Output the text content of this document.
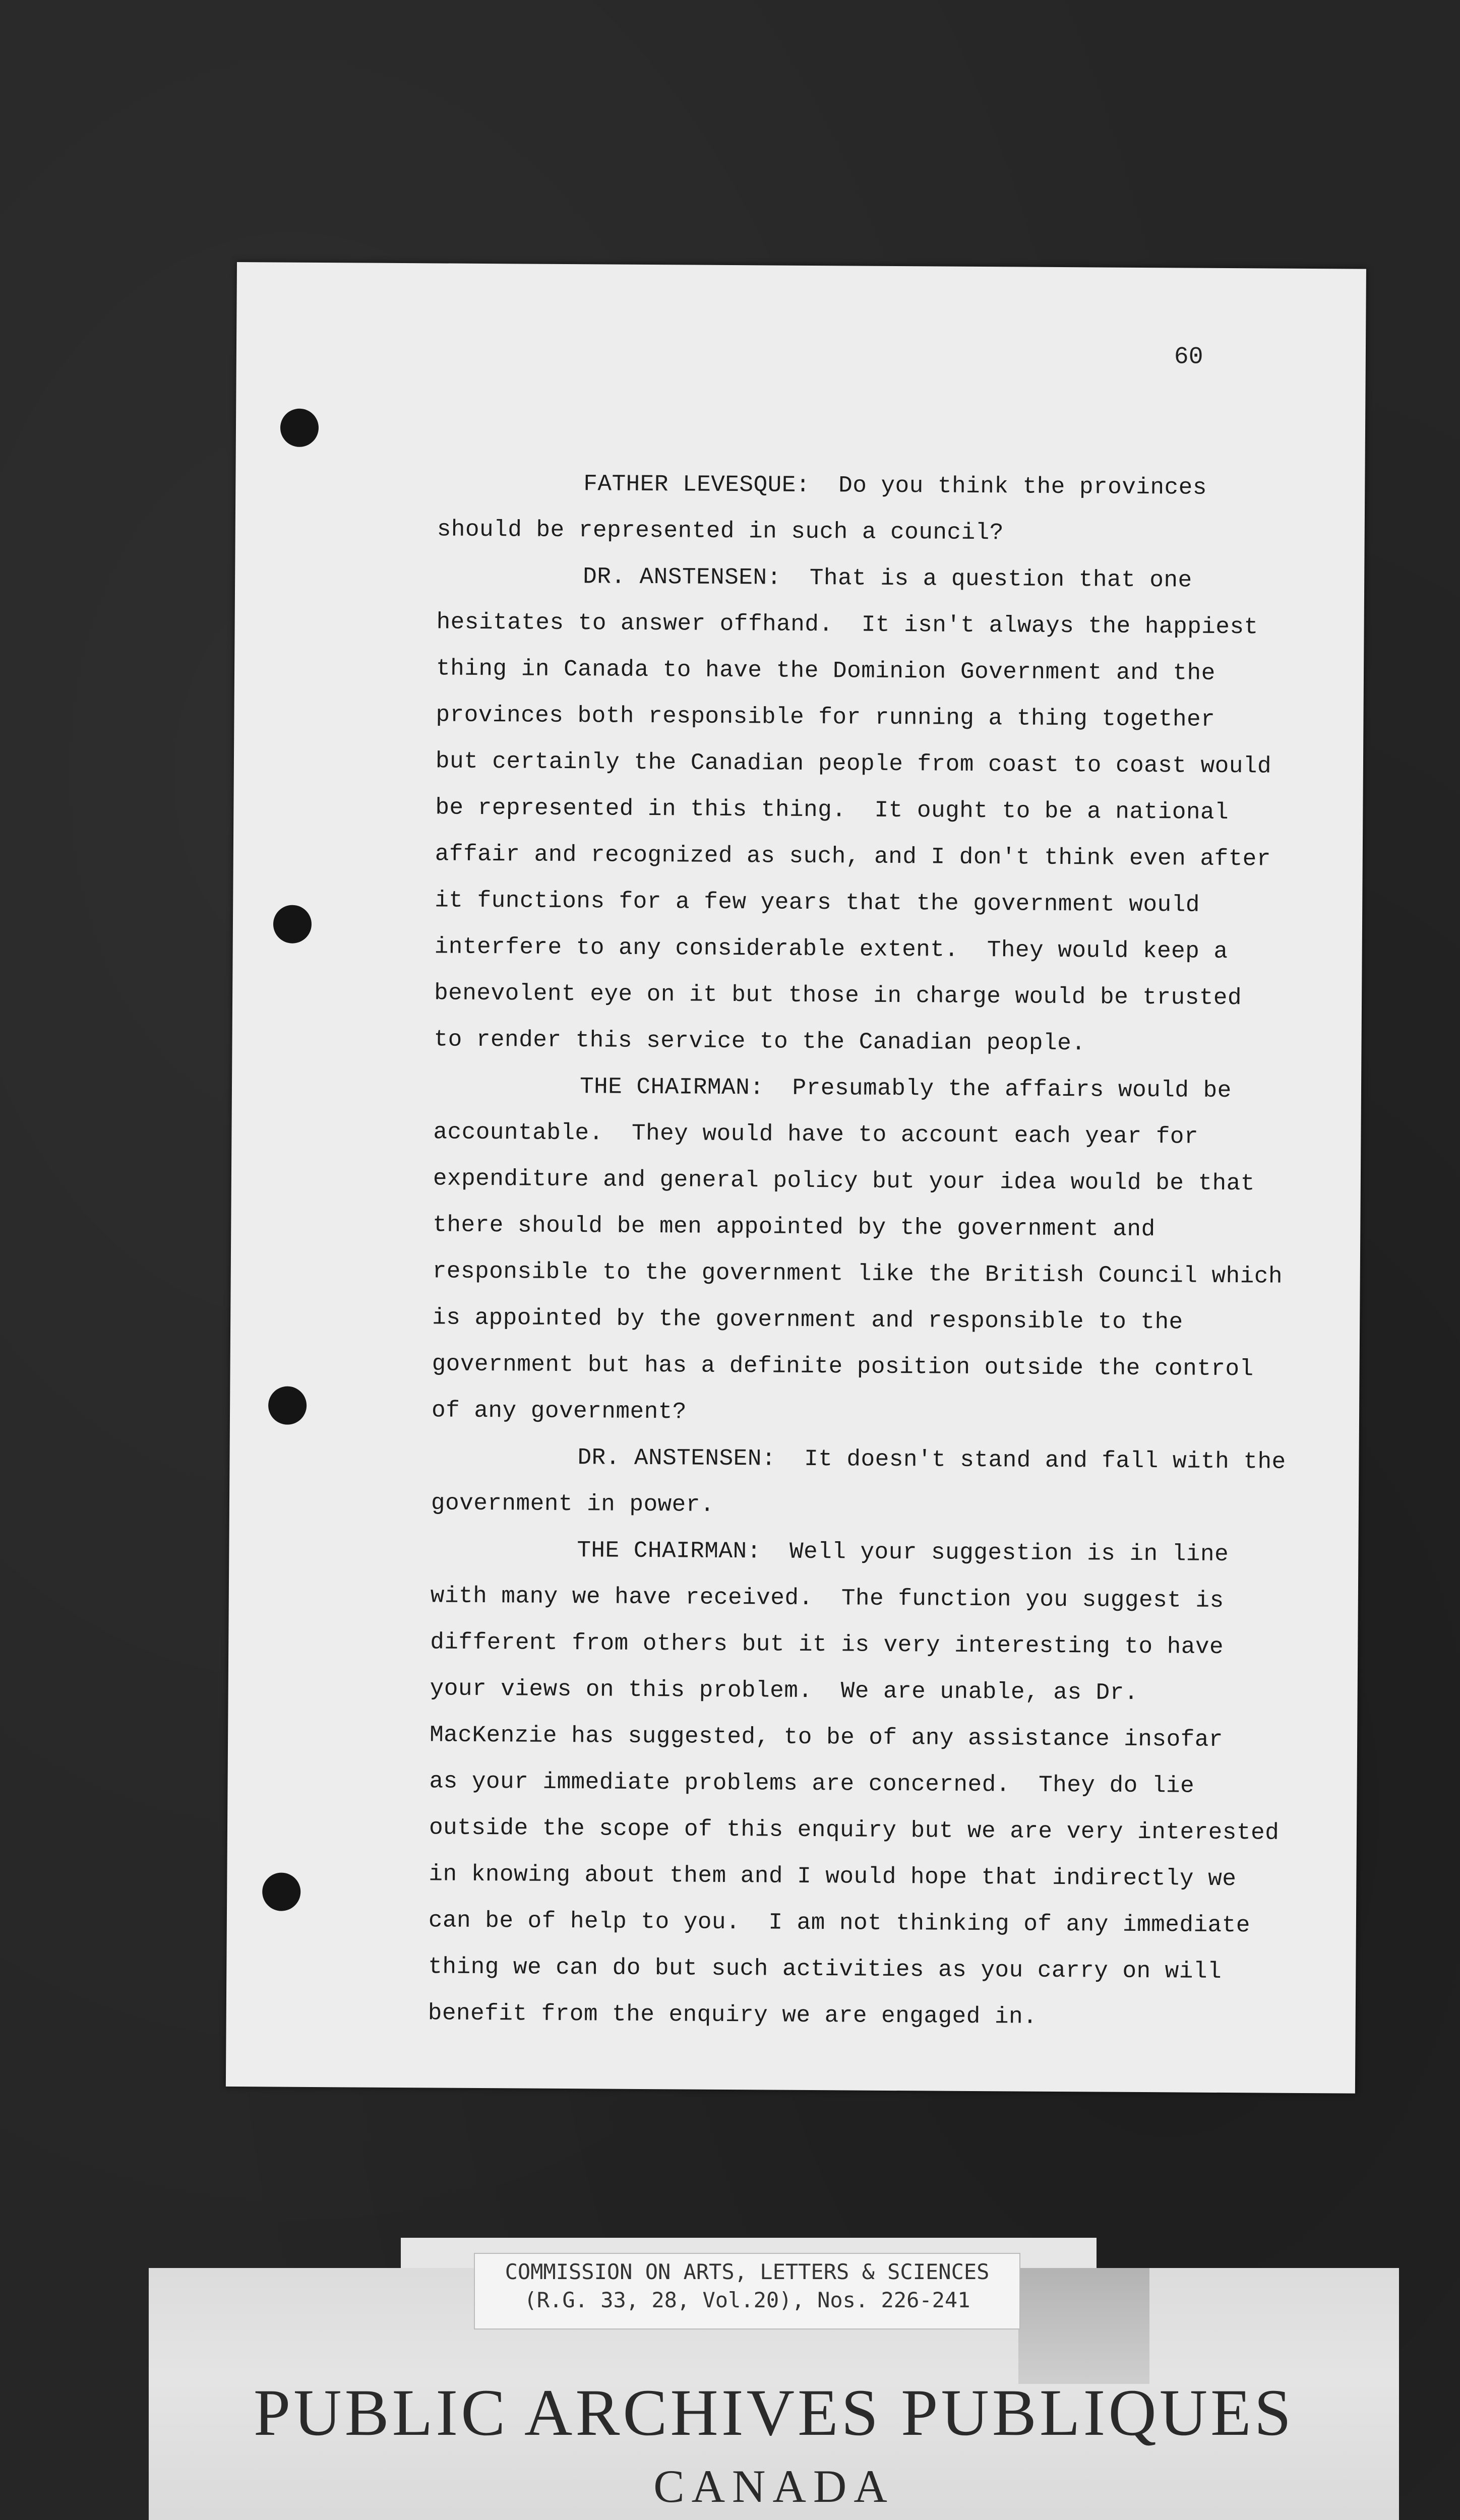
60
FATHER LEVESQUE:  Do you think the provinces
should be represented in such a council?
DR. ANSTENSEN:  That is a question that one
hesitates to answer offhand.  It isn't always the happiest
thing in Canada to have the Dominion Government and the
provinces both responsible for running a thing together
but certainly the Canadian people from coast to coast would
be represented in this thing.  It ought to be a national
affair and recognized as such, and I don't think even after
it functions for a few years that the government would
interfere to any considerable extent.  They would keep a
benevolent eye on it but those in charge would be trusted
to render this service to the Canadian people.
THE CHAIRMAN:  Presumably the affairs would be
accountable.  They would have to account each year for
expenditure and general policy but your idea would be that
there should be men appointed by the government and
responsible to the government like the British Council which
is appointed by the government and responsible to the
government but has a definite position outside the control
of any government?
DR. ANSTENSEN:  It doesn't stand and fall with the
government in power.
THE CHAIRMAN:  Well your suggestion is in line
with many we have received.  The function you suggest is
different from others but it is very interesting to have
your views on this problem.  We are unable, as Dr.
MacKenzie has suggested, to be of any assistance insofar
as your immediate problems are concerned.  They do lie
outside the scope of this enquiry but we are very interested
in knowing about them and I would hope that indirectly we
can be of help to you.  I am not thinking of any immediate
thing we can do but such activities as you carry on will
benefit from the enquiry we are engaged in.
COMMISSION ON ARTS, LETTERS & SCIENCES
(R.G. 33, 28, Vol.20), Nos. 226-241
PUBLIC ARCHIVES PUBLIQUES
CANADA
